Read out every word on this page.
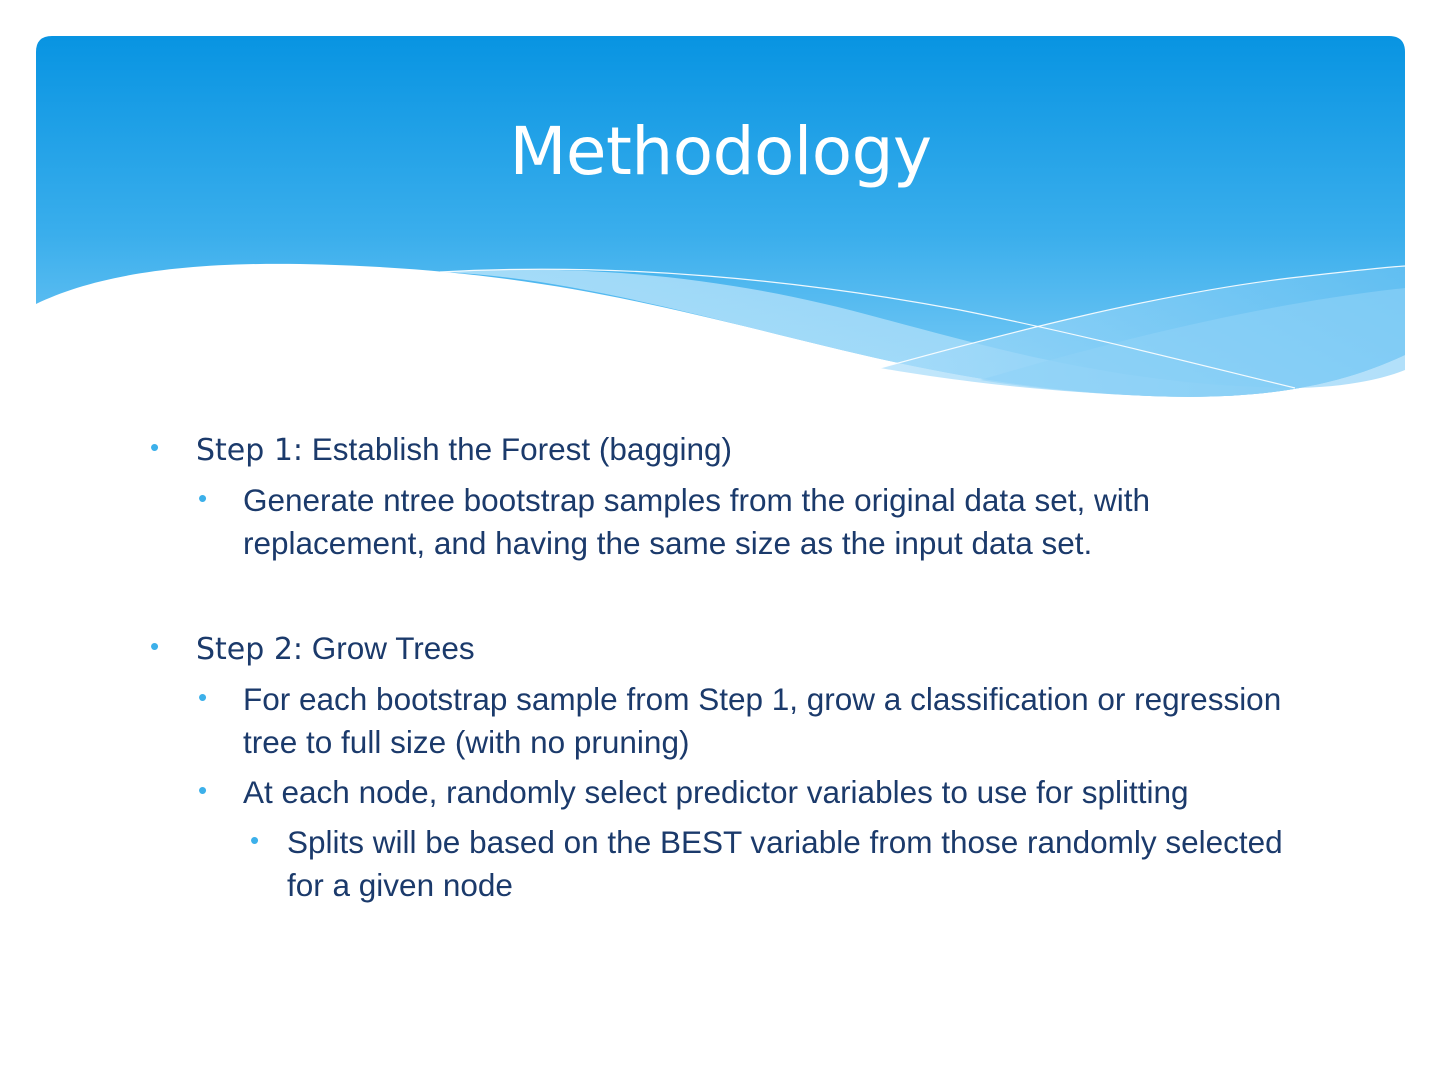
Methodology
• Step 1: Establish the Forest (bagging)
• Generate ntree bootstrap samples from the original data set, with replacement, and having the same size as the input data set.
• Step 2: Grow Trees
• For each bootstrap sample from Step 1, grow a classification or regression tree to full size (with no pruning)
• At each node, randomly select predictor variables to use for splitting
• Splits will be based on the BEST variable from those randomly selected for a given node
